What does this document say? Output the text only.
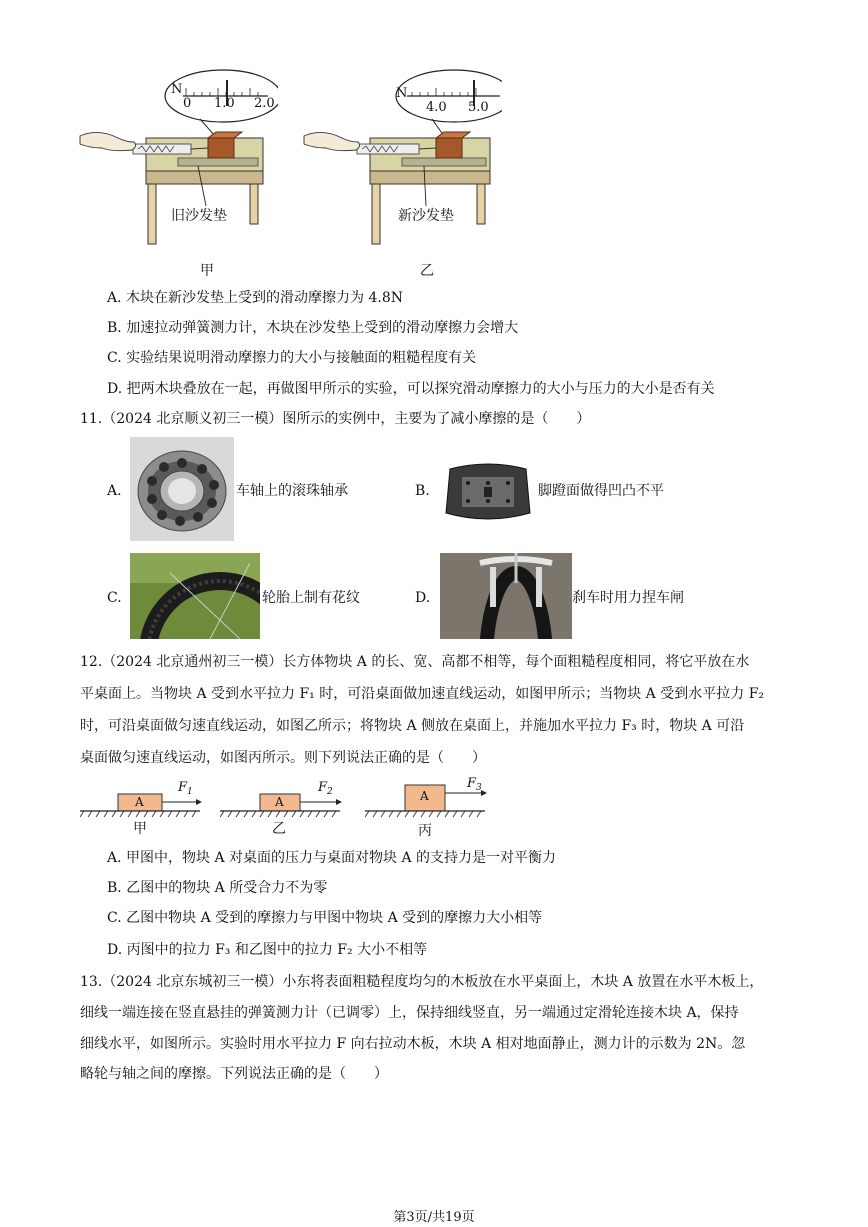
N
0 1.0 2.0
旧沙发垫
甲
N
4.0 5.0
新沙发垫
乙
A. 木块在新沙发垫上受到的滑动摩擦力为 4.8N
B. 加速拉动弹簧测力计，木块在沙发垫上受到的滑动摩擦力会增大
C. 实验结果说明滑动摩擦力的大小与接触面的粗糙程度有关
D. 把两木块叠放在一起，再做图甲所示的实验，可以探究滑动摩擦力的大小与压力的大小是否有关
11.（2024 北京顺义初三一模）图所示的实例中，主要为了减小摩擦的是（　　）
A.	车轴上的滚珠轴承	B.	脚蹬面做得凹凸不平
C.	轮胎上制有花纹	D.	刹车时用力捏车闸
12.（2024 北京通州初三一模）长方体物块 A 的长、宽、高都不相等，每个面粗糙程度相同，将它平放在水
平桌面上。当物块 A 受到水平拉力 F₁ 时，可沿桌面做加速直线运动，如图甲所示；当物块 A 受到水平拉力 F₂
时，可沿桌面做匀速直线运动，如图乙所示；将物块 A 侧放在桌面上，并施加水平拉力 F₃ 时，物块 A 可沿
桌面做匀速直线运动，如图丙所示。则下列说法正确的是（　　）
A
$F_1$
甲
A
$F_2$
乙
A
$F_3$
丙
A. 甲图中，物块 A 对桌面的压力与桌面对物块 A 的支持力是一对平衡力
B. 乙图中的物块 A 所受合力不为零
C. 乙图中物块 A 受到的摩擦力与甲图中物块 A 受到的摩擦力大小相等
D. 丙图中的拉力 F₃ 和乙图中的拉力 F₂ 大小不相等
13.（2024 北京东城初三一模）小东将表面粗糙程度均匀的木板放在水平桌面上，木块 A 放置在水平木板上，
细线一端连接在竖直悬挂的弹簧测力计（已调零）上，保持细线竖直，另一端通过定滑轮连接木块 A，保持
细线水平，如图所示。实验时用水平拉力 F 向右拉动木板，木块 A 相对地面静止，测力计的示数为 2N。忽
略轮与轴之间的摩擦。下列说法正确的是（　　）
第3页/共19页
